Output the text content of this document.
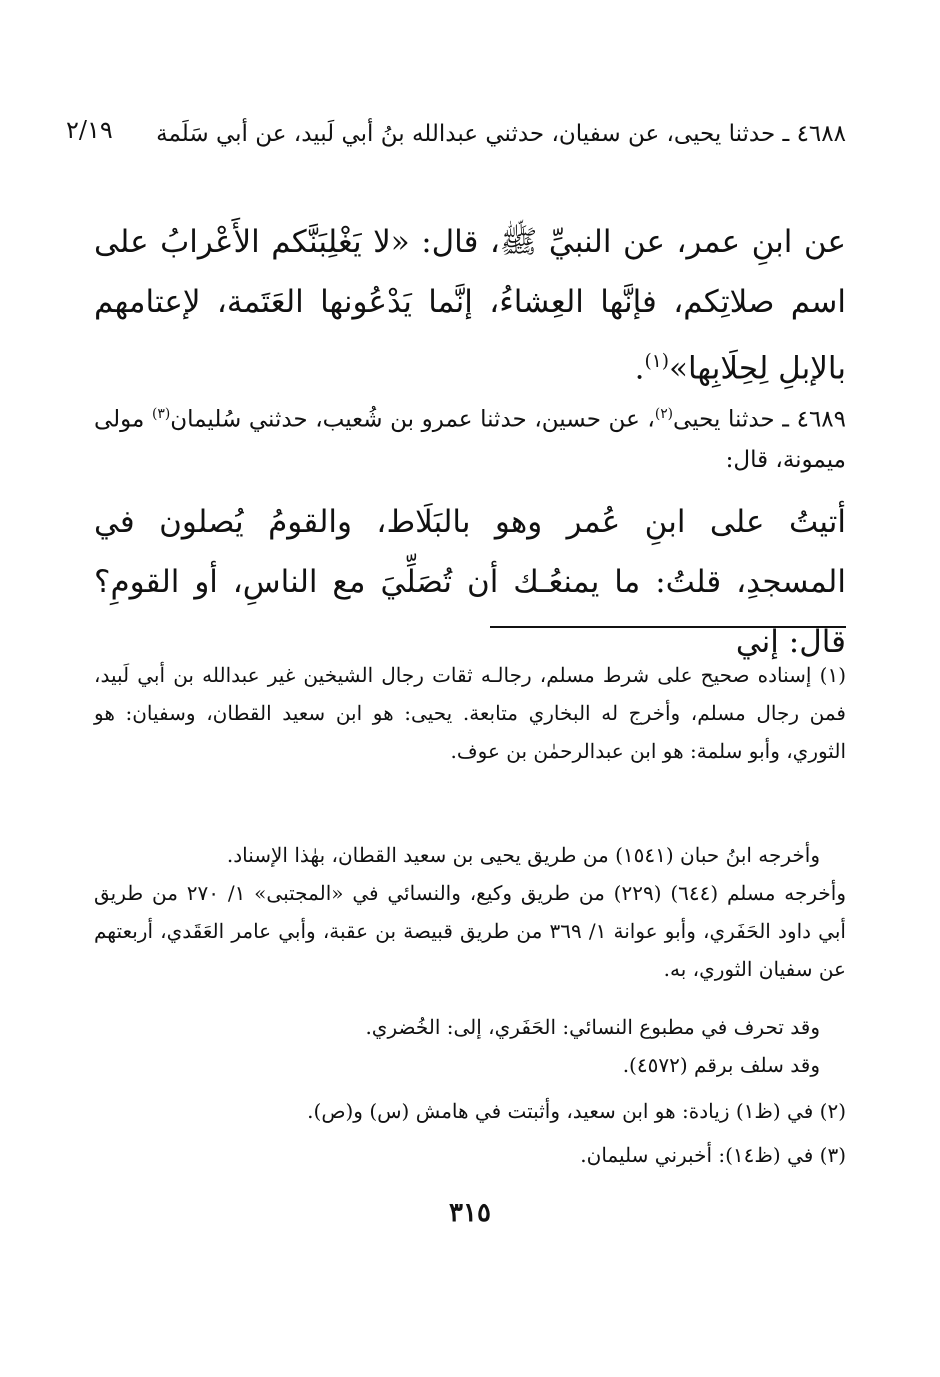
٢/١٩ ٤٦٨٨ ـ حدثنا يحيى، عن سفيان، حدثني عبدالله بنُ أبي لَبيد، عن أبي سَلَمة
عن ابنِ عمر، عن النبيِّ ﷺ، قال: «لا يَغْلِبَنَّكم الأَعْرابُ على اسم صلاتِكم، فإنَّها العِشاءُ، إنَّما يَدْعُونها العَتَمة، لإعتامهم بالإبلِ لِحِلَابِها»$^{(١)}$.
٤٦٨٩ ـ حدثنا يحيى$^{(٢)}$، عن حسين، حدثنا عمرو بن شُعيب، حدثني سُليمان$^{(٣)}$ مولى ميمونة، قال:
أتيتُ على ابنِ عُمر وهو بالبَلَاط، والقومُ يُصلون في المسجدِ، قلتُ: ما يمنعُـك أن تُصَلِّيَ مع الناسِ، أو القومِ؟ قال: إني
(١) إسناده صحيح على شرط مسلم، رجالـه ثقات رجال الشيخين غير عبدالله بن أبي لَبيد، فمن رجال مسلم، وأخرج له البخاري متابعة. يحيى: هو ابن سعيد القطان، وسفيان: هو الثوري، وأبو سلمة: هو ابن عبدالرحمٰن بن عوف.
وأخرجه ابنُ حبان (١٥٤١) من طريق يحيى بن سعيد القطان، بهٰذا الإسناد.
وأخرجه مسلم (٦٤٤) (٢٢٩) من طريق وكيع، والنسائي في «المجتبى» ١/ ٢٧٠ من طريق أبي داود الحَفَري، وأبو عوانة ١/ ٣٦٩ من طريق قبيصة بن عقبة، وأبي عامر العَقَدي، أربعتهم عن سفيان الثوري، به.
وقد تحرف في مطبوع النسائي: الحَفَري، إلى: الخُضري.
وقد سلف برقم (٤٥٧٢).
(٢) في (ظ١) زيادة: هو ابن سعيد، وأثبتت في هامش (س) و(ص).
(٣) في (ظ١٤): أخبرني سليمان.
٣١٥
